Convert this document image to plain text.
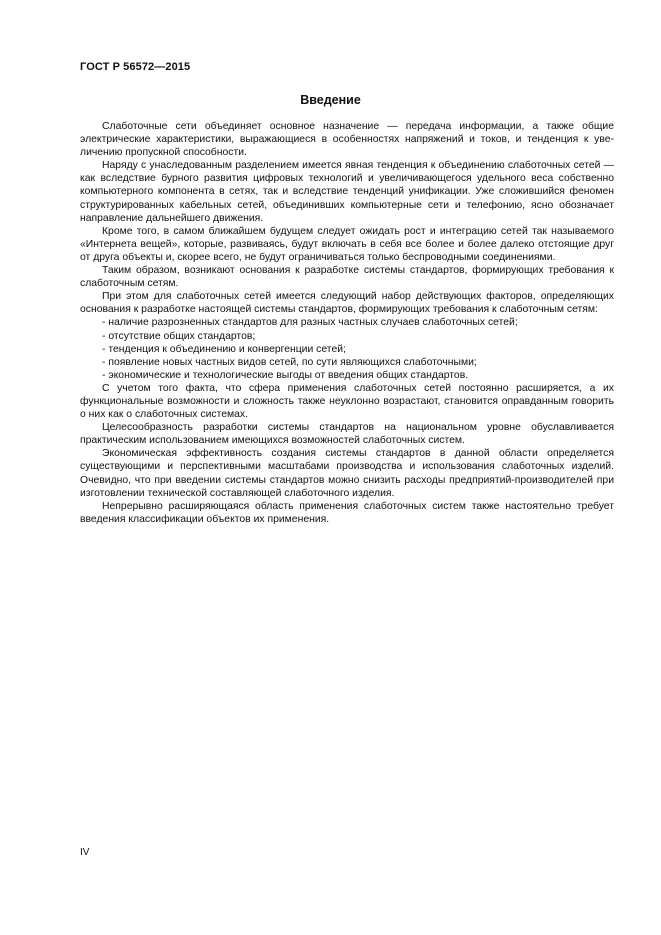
ГОСТ Р 56572—2015
Введение

Слаботочные сети объединяет основное назначение — передача информации, а также общие электрические характеристики, выражающиеся в особенностях напряжений и токов, и тенденция к увеличению пропускной способности.

Наряду с унаследованным разделением имеется явная тенденция к объединению слаботочных сетей — как вследствие бурного развития цифровых технологий и увеличивающегося удельного веса собственно компьютерного компонента в сетях, так и вследствие тенденций унификации. Уже сложившийся феномен структурированных кабельных сетей, объединивших компьютерные сети и телефонию, ясно обозначает направление дальнейшего движения.

Кроме того, в самом ближайшем будущем следует ожидать рост и интеграцию сетей так называемого «Интернета вещей», которые, развиваясь, будут включать в себя все более и более далеко отстоящие друг от друга объекты и, скорее всего, не будут ограничиваться только беспроводными соединениями.

Таким образом, возникают основания к разработке системы стандартов, формирующих требования к слаботочным сетям.

При этом для слаботочных сетей имеется следующий набор действующих факторов, определяющих основания к разработке настоящей системы стандартов, формирующих требования к слаботочным сетям:

- наличие разрозненных стандартов для разных частных случаев слаботочных сетей;
- отсутствие общих стандартов;
- тенденция к объединению и конвергенции сетей;
- появление новых частных видов сетей, по сути являющихся слаботочными;
- экономические и технологические выгоды от введения общих стандартов.

С учетом того факта, что сфера применения слаботочных сетей постоянно расширяется, а их функциональные возможности и сложность также неуклонно возрастают, становится оправданным говорить о них как о слаботочных системах.

Целесообразность разработки системы стандартов на национальном уровне обуславливается практическим использованием имеющихся возможностей слаботочных систем.

Экономическая эффективность создания системы стандартов в данной области определяется существующими и перспективными масштабами производства и использования слаботочных изделий. Очевидно, что при введении системы стандартов можно снизить расходы предприятий-производителей при изготовлении технической составляющей слаботочного изделия.

Непрерывно расширяющаяся область применения слаботочных систем также настоятельно требует введения классификации объектов их применения.

IV
